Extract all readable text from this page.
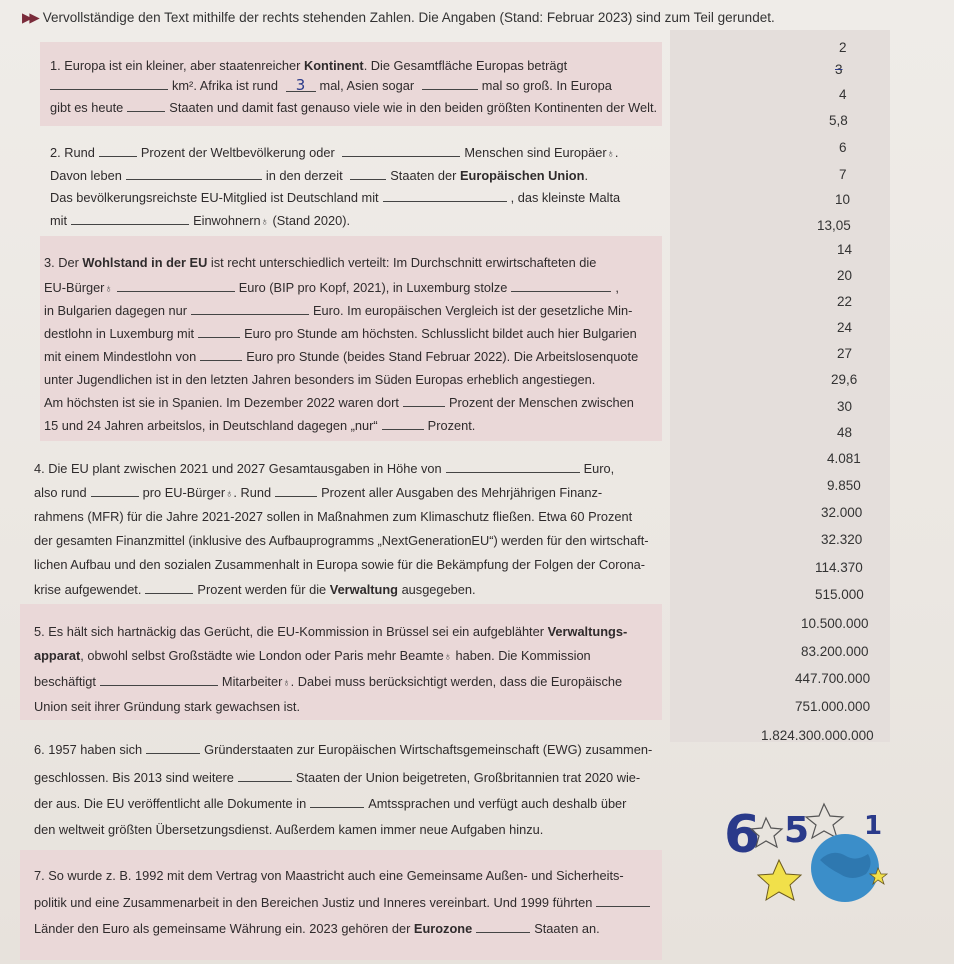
▶▶ Vervollständige den Text mithilfe der rechts stehenden Zahlen. Die Angaben (Stand: Februar 2023) sind zum Teil gerundet.
1. Europa ist ein kleiner, aber staatenreicher Kontinent. Die Gesamtfläche Europas beträgt
km². Afrika ist rund 3 mal, Asien sogar	mal so groß. In Europa
gibt es heute	Staaten und damit fast genauso viele wie in den beiden größten Kontinenten der Welt.
2. Rund	Prozent der Weltbevölkerung oder	Menschen sind Europäer♁.
Davon leben	in den derzeit	Staaten der Europäischen Union.
Das bevölkerungsreichste EU-Mitglied ist Deutschland mit	, das kleinste Malta
mit	Einwohnern♁ (Stand 2020).
3. Der Wohlstand in der EU ist recht unterschiedlich verteilt: Im Durchschnitt erwirtschafteten die
EU-Bürger♁	Euro (BIP pro Kopf, 2021), in Luxemburg stolze	,
in Bulgarien dagegen nur	Euro. Im europäischen Vergleich ist der gesetzliche Min-
destlohn in Luxemburg mit	Euro pro Stunde am höchsten. Schlusslicht bildet auch hier Bulgarien
mit einem Mindestlohn von	Euro pro Stunde (beides Stand Februar 2022). Die Arbeitslosenquote
unter Jugendlichen ist in den letzten Jahren besonders im Süden Europas erheblich angestiegen.
Am höchsten ist sie in Spanien. Im Dezember 2022 waren dort	Prozent der Menschen zwischen
15 und 24 Jahren arbeitslos, in Deutschland dagegen „nur“	Prozent.
4. Die EU plant zwischen 2021 und 2027 Gesamtausgaben in Höhe von	Euro,
also rund	pro EU-Bürger♁. Rund	Prozent aller Ausgaben des Mehrjährigen Finanz-
rahmens (MFR) für die Jahre 2021-2027 sollen in Maßnahmen zum Klimaschutz fließen. Etwa 60 Prozent
der gesamten Finanzmittel (inklusive des Aufbauprogramms „NextGenerationEU“) werden für den wirtschaft-
lichen Aufbau und den sozialen Zusammenhalt in Europa sowie für die Bekämpfung der Folgen der Corona-
krise aufgewendet.	Prozent werden für die Verwaltung ausgegeben.
5. Es hält sich hartnäckig das Gerücht, die EU-Kommission in Brüssel sei ein aufgeblähter Verwaltungs-
apparat, obwohl selbst Großstädte wie London oder Paris mehr Beamte♁ haben. Die Kommission
beschäftigt	Mitarbeiter♁. Dabei muss berücksichtigt werden, dass die Europäische
Union seit ihrer Gründung stark gewachsen ist.
6. 1957 haben sich	Gründerstaaten zur Europäischen Wirtschaftsgemeinschaft (EWG) zusammen-
geschlossen. Bis 2013 sind weitere	Staaten der Union beigetreten, Großbritannien trat 2020 wie-
der aus. Die EU veröffentlicht alle Dokumente in	Amtssprachen und verfügt auch deshalb über
den weltweit größten Übersetzungsdienst. Außerdem kamen immer neue Aufgaben hinzu.
7. So wurde z. B. 1992 mit dem Vertrag von Maastricht auch eine Gemeinsame Außen- und Sicherheits-
politik und eine Zusammenarbeit in den Bereichen Justiz und Inneres vereinbart. Und 1999 führten
Länder den Euro als gemeinsame Währung ein. 2023 gehören der Eurozone	Staaten an.
2
3
4
5,8
6
7
10
13,05
14
20
22
24
27
29,6
30
48
4.081
9.850
32.000
32.320
114.370
515.000
10.500.000
83.200.000
447.700.000
751.000.000
1.824.300.000.000
6 5 1
